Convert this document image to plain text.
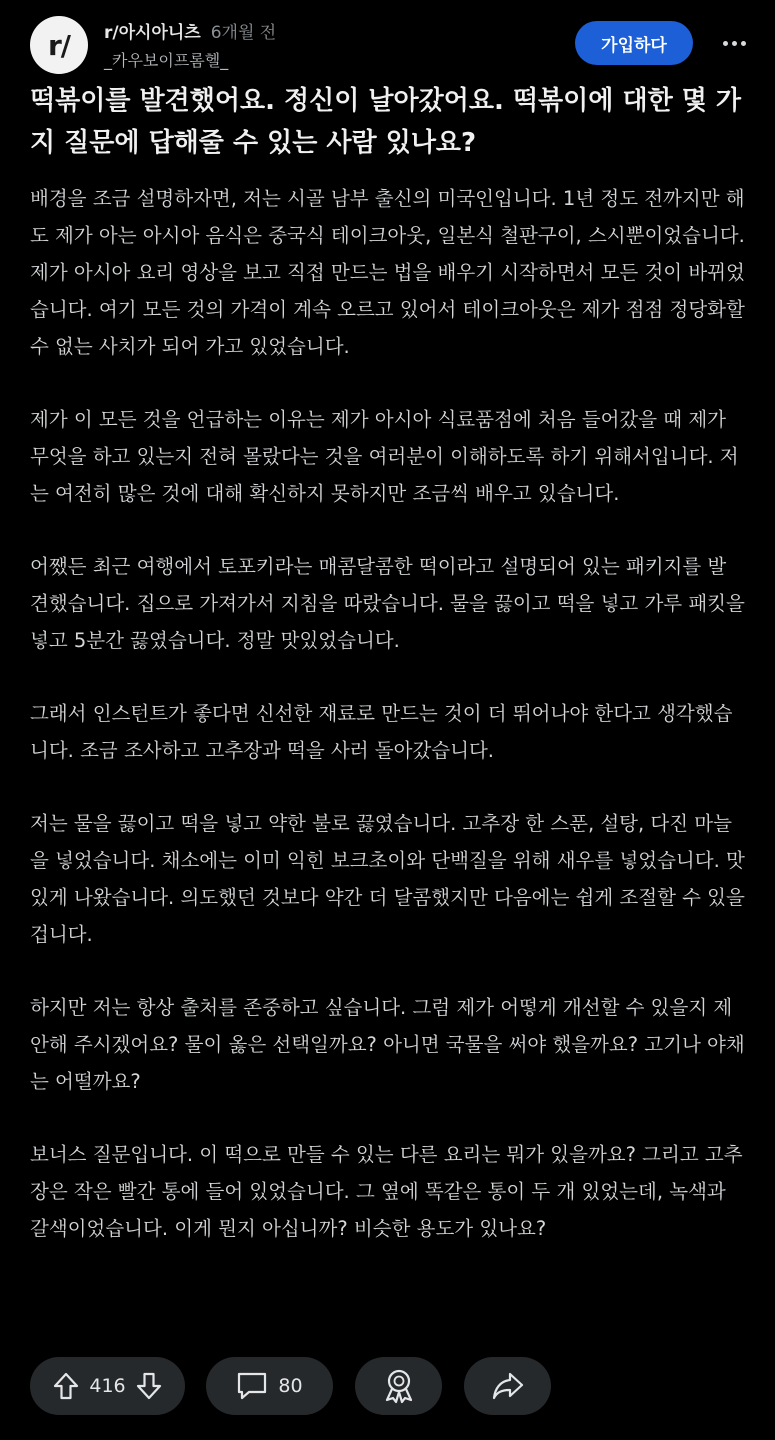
r/	r/아시아니츠 6개월 전
_카우보이프롬헬_
가입하다
떡볶이를 발견했어요. 정신이 날아갔어요. 떡볶이에 대한 몇 가지 질문에 답해줄 수 있는 사람 있나요?

배경을 조금 설명하자면, 저는 시골 남부 출신의 미국인입니다. 1년 정도 전까지만 해도 제가 아는 아시아 음식은 중국식 테이크아웃, 일본식 철판구이, 스시뿐이었습니다. 제가 아시아 요리 영상을 보고 직접 만드는 법을 배우기 시작하면서 모든 것이 바뀌었습니다. 여기 모든 것의 가격이 계속 오르고 있어서 테이크아웃은 제가 점점 정당화할 수 없는 사치가 되어 가고 있었습니다.

제가 이 모든 것을 언급하는 이유는 제가 아시아 식료품점에 처음 들어갔을 때 제가 무엇을 하고 있는지 전혀 몰랐다는 것을 여러분이 이해하도록 하기 위해서입니다. 저는 여전히 많은 것에 대해 확신하지 못하지만 조금씩 배우고 있습니다.

어쨌든 최근 여행에서 토포키라는 매콤달콤한 떡이라고 설명되어 있는 패키지를 발견했습니다. 집으로 가져가서 지침을 따랐습니다. 물을 끓이고 떡을 넣고 가루 패킷을 넣고 5분간 끓였습니다. 정말 맛있었습니다.

그래서 인스턴트가 좋다면 신선한 재료로 만드는 것이 더 뛰어나야 한다고 생각했습니다. 조금 조사하고 고추장과 떡을 사러 돌아갔습니다.

저는 물을 끓이고 떡을 넣고 약한 불로 끓였습니다. 고추장 한 스푼, 설탕, 다진 마늘을 넣었습니다. 채소에는 이미 익힌 보크초이와 단백질을 위해 새우를 넣었습니다. 맛있게 나왔습니다. 의도했던 것보다 약간 더 달콤했지만 다음에는 쉽게 조절할 수 있을 겁니다.

하지만 저는 항상 출처를 존중하고 싶습니다. 그럼 제가 어떻게 개선할 수 있을지 제안해 주시겠어요? 물이 옳은 선택일까요? 아니면 국물을 써야 했을까요? 고기나 야채는 어떨까요?

보너스 질문입니다. 이 떡으로 만들 수 있는 다른 요리는 뭐가 있을까요? 그리고 고추장은 작은 빨간 통에 들어 있었습니다. 그 옆에 똑같은 통이 두 개 있었는데, 녹색과 갈색이었습니다. 이게 뭔지 아십니까? 비슷한 용도가 있나요?

416	80
